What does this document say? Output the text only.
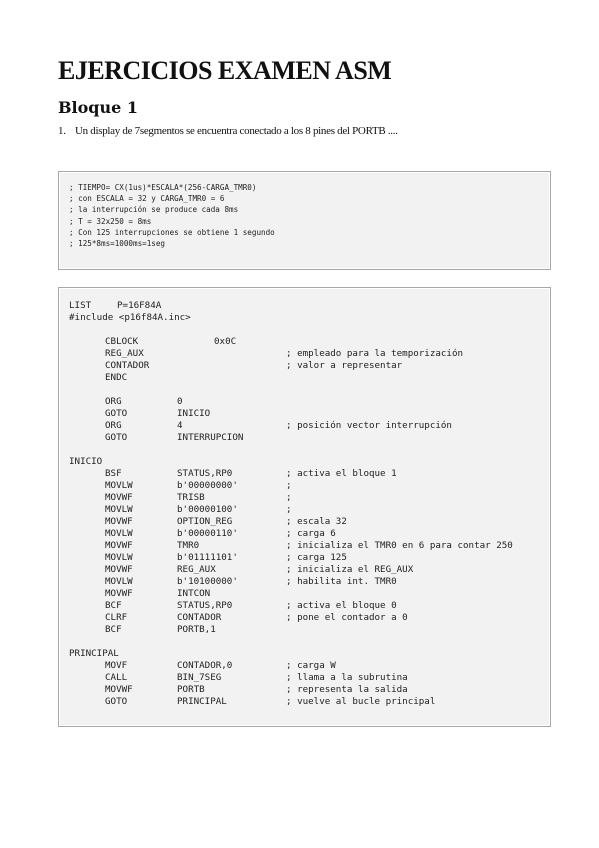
EJERCICIOS EXAMEN ASM
Bloque 1
1. Un display de 7segmentos se encuentra conectado a los 8 pines del PORTB ....
; TIEMPO= CX(1us)*ESCALA*(256-CARGA_TMR0)
; con ESCALA = 32 y CARGA_TMR0 = 6
; la interrupción se produce cada 8ms
; T = 32x250 = 8ms
; Con 125 interrupciones se obtiene 1 segundo
; 125*8ms=1000ms=1seg

LIST

	P=16F84A

#include <p16f84A.inc>

CBLOCK

	0x0C

REG_AUX	; empleado para la temporización
CONTADOR	; valor a representar
ENDC
ORG	0
GOTO	INICIO
ORG	4	; posición vector interrupción
GOTO	INTERRUPCION

INICIO

BSF	STATUS,RP0	; activa el bloque 1
MOVLW	b'00000000'	;
MOVWF	TRISB	;
MOVLW	b'00000100'	;
MOVWF	OPTION_REG	; escala 32
MOVLW	b'00000110'	; carga 6
MOVWF	TMR0	; inicializa el TMR0 en 6 para contar 250
MOVLW	b'01111101'	; carga 125
MOVWF	REG_AUX	; inicializa el REG_AUX
MOVLW	b'10100000'	; habilita int. TMR0
MOVWF	INTCON
BCF	STATUS,RP0	; activa el bloque 0
CLRF	CONTADOR	; pone el contador a 0
BCF	PORTB,1

PRINCIPAL

MOVF	CONTADOR,0	; carga W
CALL	BIN_7SEG	; llama a la subrutina
MOVWF	PORTB	; representa la salida
GOTO	PRINCIPAL	; vuelve al bucle principal
